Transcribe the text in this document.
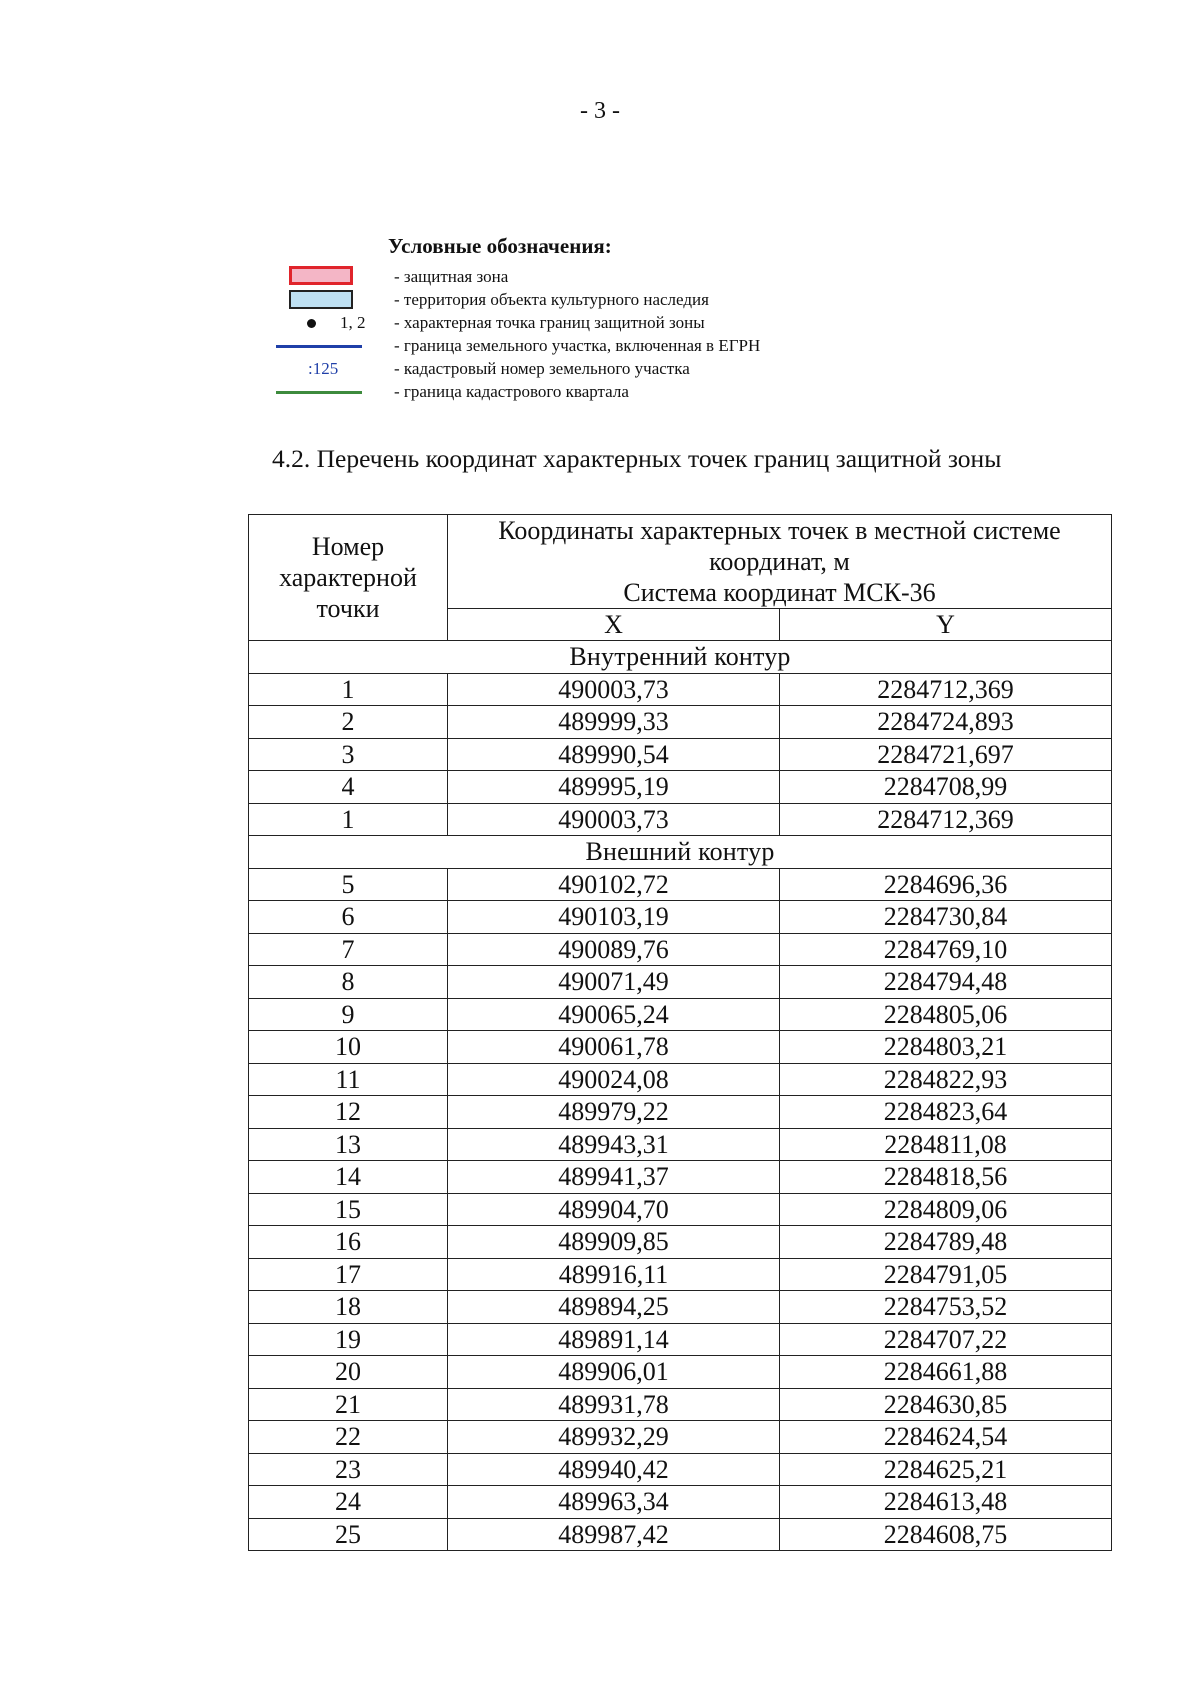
- 3 -
Условные обозначения:
- защитная зона
- территория объекта культурного наследия
1, 2 - характерная точка границ защитной зоны
- граница земельного участка, включенная в ЕГРН
:125	- кадастровый номер земельного участка
- граница кадастрового квартала
4.2. Перечень координат характерных точек границ защитной зоны
Номер характерной точки	Координаты характерных точек в местной системе координат, м
Система координат МСК-36	

	X	Y
Внутренний контур		
1	490003,73	2284712,369
2	489999,33	2284724,893
3	489990,54	2284721,697
4	489995,19	2284708,99
1	490003,73	2284712,369
Внешний контур		
5	490102,72	2284696,36
6	490103,19	2284730,84
7	490089,76	2284769,10
8	490071,49	2284794,48
9	490065,24	2284805,06
10	490061,78	2284803,21
11	490024,08	2284822,93
12	489979,22	2284823,64
13	489943,31	2284811,08
14	489941,37	2284818,56
15	489904,70	2284809,06
16	489909,85	2284789,48
17	489916,11	2284791,05
18	489894,25	2284753,52
19	489891,14	2284707,22
20	489906,01	2284661,88
21	489931,78	2284630,85
22	489932,29	2284624,54
23	489940,42	2284625,21
24	489963,34	2284613,48
25	489987,42	2284608,75
